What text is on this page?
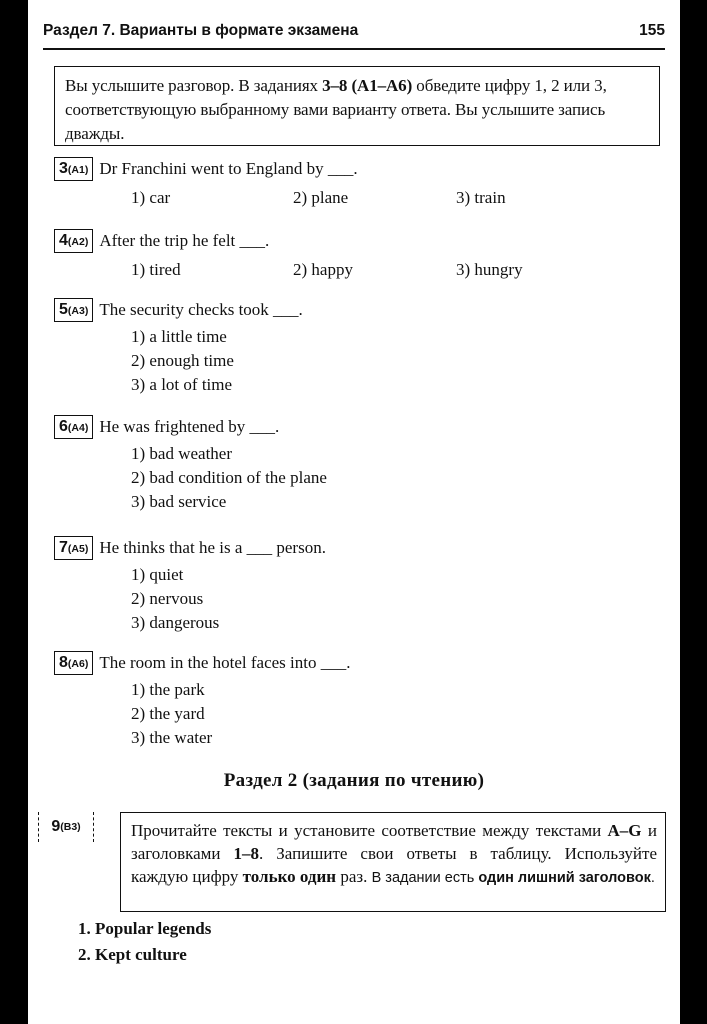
Раздел 7. Варианты в формате экзамена	155
Вы услышите разговор. В заданиях 3–8 (А1–А6) обведите цифру 1, 2 или 3, соответствующую выбранному вами варианту ответа. Вы услышите запись дважды.
3 (A1) Dr Franchini went to England by ___.
1) car	2) plane	3) train
4 (A2) After the trip he felt ___.
1) tired	2) happy	3) hungry
5 (A3) The security checks took ___.
1) a little time
2) enough time
3) a lot of time
6 (A4) He was frightened by ___.
1) bad weather
2) bad condition of the plane
3) bad service
7 (A5) He thinks that he is a ___ person.
1) quiet
2) nervous
3) dangerous
8 (A6) The room in the hotel faces into ___.
1) the park
2) the yard
3) the water
Раздел 2 (задания по чтению)
9 (B3)	Прочитайте тексты и установите соответствие между текстами A–G и заголовками 1–8. Запишите свои ответы в таблицу. Используйте каждую цифру только один раз. В задании есть один лишний заголовок.
1. Popular legends
2. Kept culture
